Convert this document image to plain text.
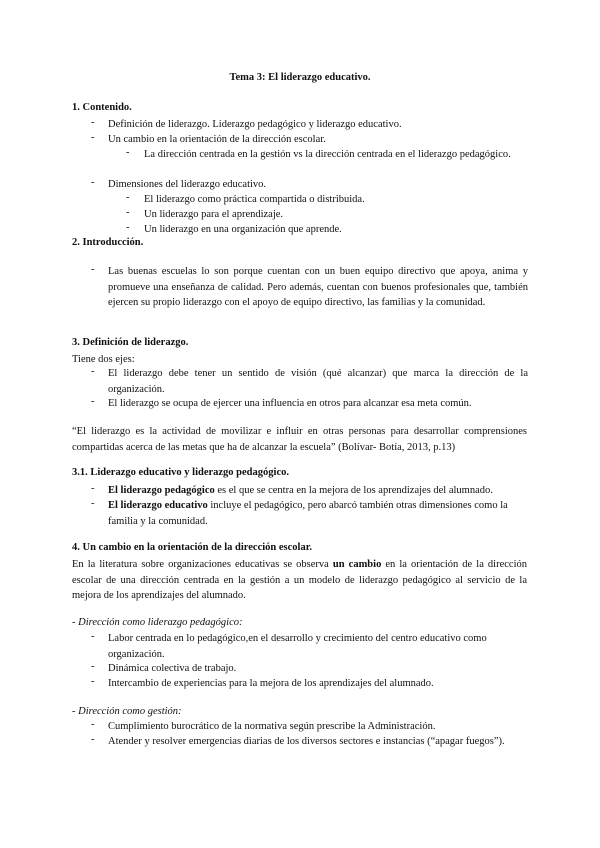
Tema 3: El liderazgo educativo.
1. Contenido.
- Definición de liderazgo. Liderazgo pedagógico y liderazgo educativo.
- Un cambio en la orientación de la dirección escolar.
- La dirección centrada en la gestión vs la dirección centrada en el liderazgo pedagógico.
- Dimensiones del liderazgo educativo.
- El liderazgo como práctica compartida o distribuida.
- Un liderazgo para el aprendizaje.
- Un liderazgo en una organización que aprende.
2. Introducción.
- Las buenas escuelas lo son porque cuentan con un buen equipo directivo que apoya, anima y promueve una enseñanza de calidad. Pero además, cuentan con buenos profesionales que, también ejercen su propio liderazgo con el apoyo de equipo directivo, las familias y la comunidad.
3. Definición de liderazgo.
Tiene dos ejes:
- El liderazgo debe tener un sentido de visión (qué alcanzar) que marca la dirección de la organización.
- El liderazgo se ocupa de ejercer una influencia en otros para alcanzar esa meta común.
“El liderazgo es la actividad de movilizar e influir en otras personas para desarrollar comprensiones compartidas acerca de las metas que ha de alcanzar la escuela” (Bolívar- Botía, 2013, p.13)
3.1. Liderazgo educativo y liderazgo pedagógico.
- El liderazgo pedagógico es el que se centra en la mejora de los aprendizajes del alumnado.
- El liderazgo educativo incluye el pedagógico, pero abarcó también otras dimensiones como la familia y la comunidad.
4. Un cambio en la orientación de la dirección escolar.
En la literatura sobre organizaciones educativas se observa un cambio en la orientación de la dirección escolar de una dirección centrada en la gestión a un modelo de liderazgo pedagógico al servicio de la mejora de los aprendizajes del alumnado.
- Dirección como liderazgo pedagógico:
- Labor centrada en lo pedagógico,en el desarrollo y crecimiento del centro educativo como organización.
- Dinámica colectiva de trabajo.
- Intercambio de experiencias para la mejora de los aprendizajes del alumnado.
- Dirección como gestión:
- Cumplimiento burocrático de la normativa según prescribe la Administración.
- Atender y resolver emergencias diarias de los diversos sectores e instancias (“apagar fuegos”).
